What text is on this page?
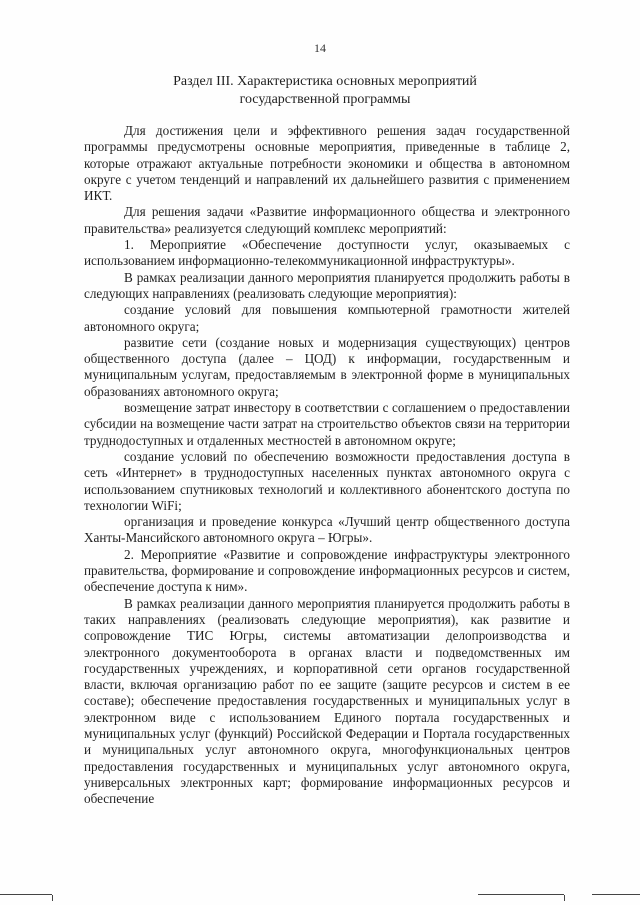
14
Раздел III. Характеристика основных мероприятий
государственной программы

Для достижения цели и эффективного решения задач государственной программы предусмотрены основные мероприятия, приведенные в таблице 2, которые отражают актуальные потребности экономики и общества в автономном округе с учетом тенденций и направлений их дальнейшего развития с применением ИКТ.

Для решения задачи «Развитие информационного общества и электронного правительства» реализуется следующий комплекс мероприятий:

1. Мероприятие «Обеспечение доступности услуг, оказываемых с использованием информационно-телекоммуникационной инфраструктуры».

В рамках реализации данного мероприятия планируется продолжить работы в следующих направлениях (реализовать следующие мероприятия):

создание условий для повышения компьютерной грамотности жителей автономного округа;

развитие сети (создание новых и модернизация существующих) центров общественного доступа (далее – ЦОД) к информации, государственным и муниципальным услугам, предоставляемым в электронной форме в муниципальных образованиях автономного округа;

возмещение затрат инвестору в соответствии с соглашением о предоставлении субсидии на возмещение части затрат на строительство объектов связи на территории труднодоступных и отдаленных местностей в автономном округе;

создание условий по обеспечению возможности предоставления доступа в сеть «Интернет» в труднодоступных населенных пунктах автономного округа с использованием спутниковых технологий и коллективного абонентского доступа по технологии WiFi;

организация и проведение конкурса «Лучший центр общественного доступа Ханты-Мансийского автономного округа – Югры».

2. Мероприятие «Развитие и сопровождение инфраструктуры электронного правительства, формирование и сопровождение информационных ресурсов и систем, обеспечение доступа к ним».

В рамках реализации данного мероприятия планируется продолжить работы в таких направлениях (реализовать следующие мероприятия), как развитие и сопровождение ТИС Югры, системы автоматизации делопроизводства и электронного документооборота в органах власти и подведомственных им государственных учреждениях, и корпоративной сети органов государственной власти, включая организацию работ по ее защите (защите ресурсов и систем в ее составе); обеспечение предоставления государственных и муниципальных услуг в электронном виде с использованием Единого портала государственных и муниципальных услуг (функций) Российской Федерации и Портала государственных и муниципальных услуг автономного округа, многофункциональных центров предоставления государственных и муниципальных услуг автономного округа, универсальных электронных карт; формирование информационных ресурсов и обеспечение
